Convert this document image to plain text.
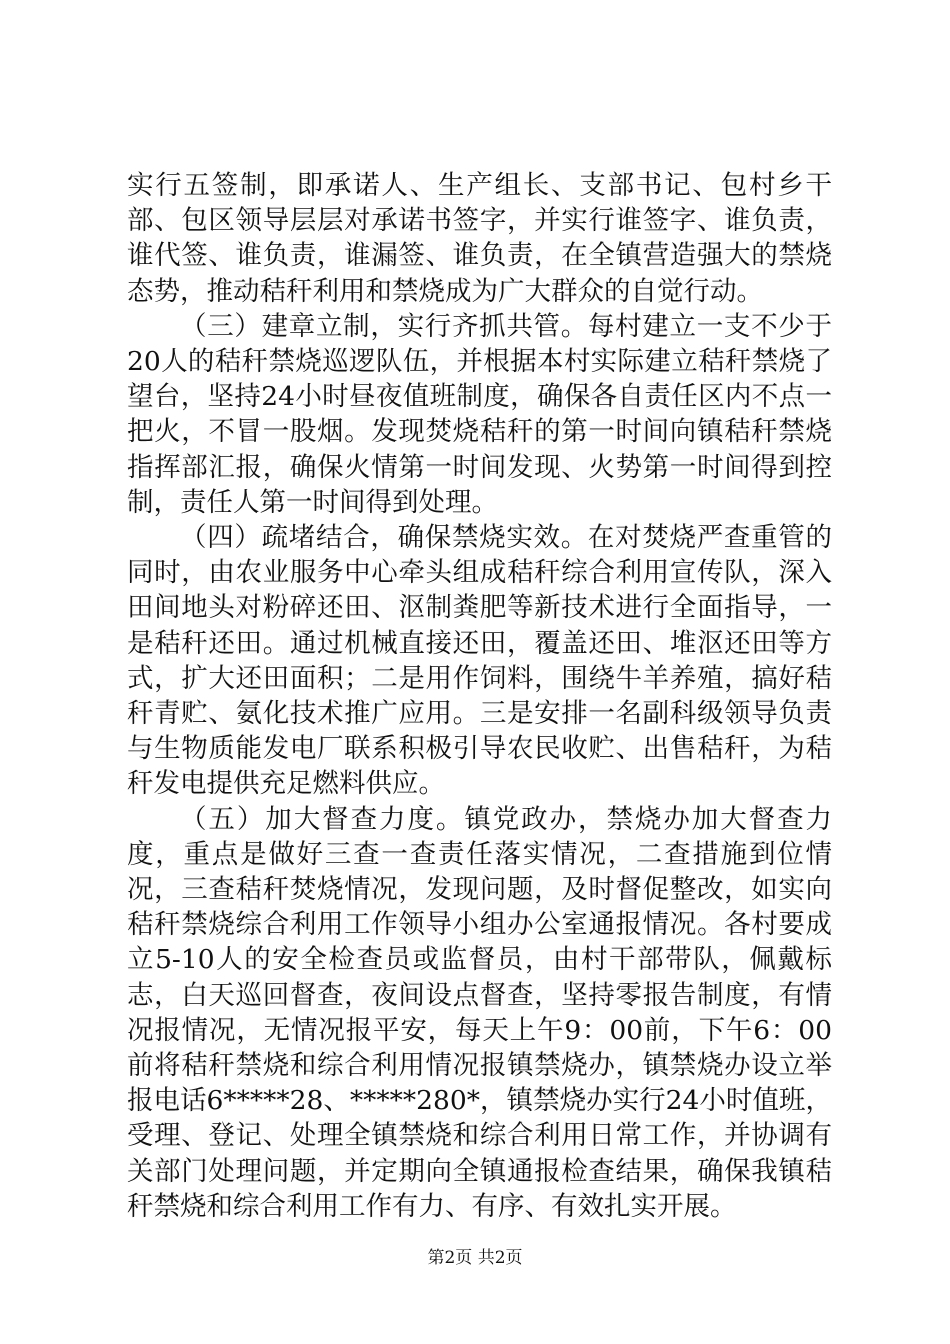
实行五签制，即承诺人、生产组长、支部书记、包村乡干部、包区领导层层对承诺书签字，并实行谁签字、谁负责，谁代签、谁负责，谁漏签、谁负责，在全镇营造强大的禁烧态势，推动秸秆利用和禁烧成为广大群众的自觉行动。

（三）建章立制，实行齐抓共管。每村建立一支不少于20人的秸秆禁烧巡逻队伍，并根据本村实际建立秸秆禁烧了望台，坚持24小时昼夜值班制度，确保各自责任区内不点一把火，不冒一股烟。发现焚烧秸秆的第一时间向镇秸秆禁烧指挥部汇报，确保火情第一时间发现、火势第一时间得到控制，责任人第一时间得到处理。

（四）疏堵结合，确保禁烧实效。在对焚烧严查重管的同时，由农业服务中心牵头组成秸秆综合利用宣传队，深入田间地头对粉碎还田、沤制粪肥等新技术进行全面指导，一是秸秆还田。通过机械直接还田，覆盖还田、堆沤还田等方式，扩大还田面积；二是用作饲料，围绕牛羊养殖，搞好秸秆青贮、氨化技术推广应用。三是安排一名副科级领导负责与生物质能发电厂联系积极引导农民收贮、出售秸秆，为秸秆发电提供充足燃料供应。

（五）加大督查力度。镇党政办，禁烧办加大督查力度，重点是做好三查一查责任落实情况，二查措施到位情况，三查秸秆焚烧情况，发现问题，及时督促整改，如实向秸秆禁烧综合利用工作领导小组办公室通报情况。各村要成立5-10人的安全检查员或监督员，由村干部带队，佩戴标志，白天巡回督查，夜间设点督查，坚持零报告制度，有情况报情况，无情况报平安，每天上午9：00前，下午6：00前将秸秆禁烧和综合利用情况报镇禁烧办，镇禁烧办设立举报电话6*****28、*****280*，镇禁烧办实行24小时值班，受理、登记、处理全镇禁烧和综合利用日常工作，并协调有关部门处理问题，并定期向全镇通报检查结果，确保我镇秸秆禁烧和综合利用工作有力、有序、有效扎实开展。

第2页 共2页
